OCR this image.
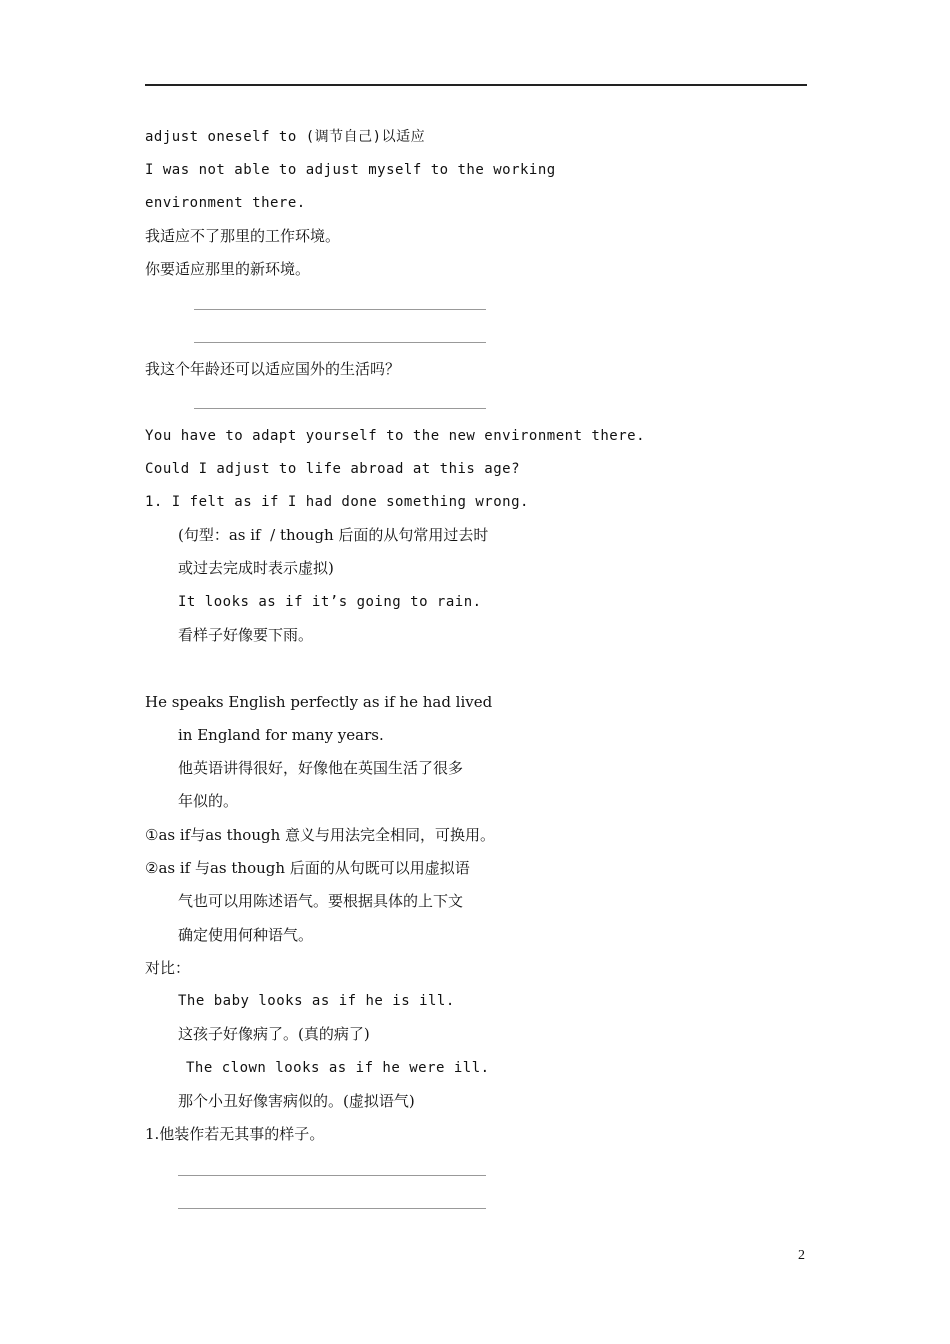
adjust oneself to (调节自己)以适应
I was not able to adjust myself to the working
environment there.
我适应不了那里的工作环境。
你要适应那里的新环境。
我这个年龄还可以适应国外的生活吗？
You have to adapt yourself to the new environment there.
Could I adjust to life abroad at this age?
1. I felt as if I had done something wrong.
(句型：as if  / though 后面的从句常用过去时
或过去完成时表示虚拟)
It looks as if it’s going to rain.
看样子好像要下雨。
He speaks English perfectly as if he had lived
in England for many years.
他英语讲得很好，好像他在英国生活了很多
年似的。
①as if与as though 意义与用法完全相同，可换用。
②as if 与as though 后面的从句既可以用虚拟语
气也可以用陈述语气。要根据具体的上下文
确定使用何种语气。
对比：
The baby looks as if he is ill.
这孩子好像病了。(真的病了)
The clown looks as if he were ill.
那个小丑好像害病似的。(虚拟语气)
1.他装作若无其事的样子。
2
